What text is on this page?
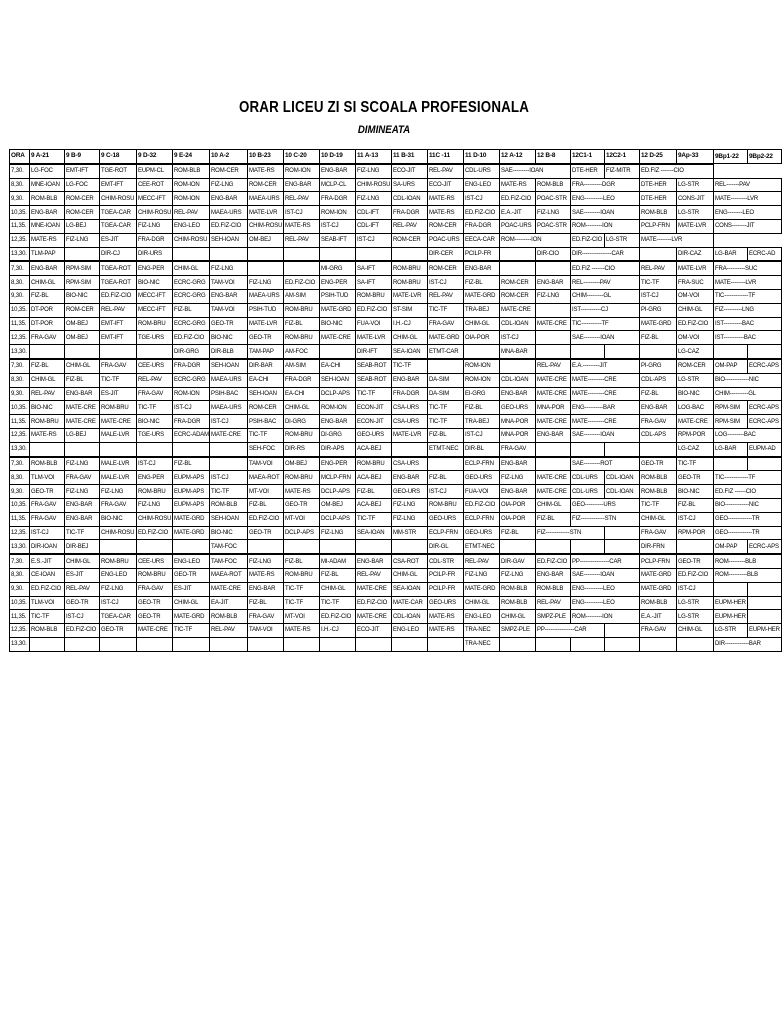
ORAR LICEU ZI SI SCOALA PROFESIONALA
DIMINEATA
ORA	9 A-21	9 B-9	9 C-18	9 D-32	9 E-24	10 A-2	10 B-23	10 C-20	10 D-19	11 A-13	11 B-31	11C -11	11 D-10	12 A-12	12 B-8	12C1-1	12C2-1	12 D-25	9Ap-33	9Bp1-22	9Bp2-22
7,30.	LG-FOC	EMT-IFT	TGE-ROT	EUPM-CL	ROM-BLB	ROM-CER	MATE-RS	ROM-ION	ENG-BAR	FIZ-LNG	ECO-JIT	REL-PAV	CDL-URS	SAE---------IOAN		DTE-HER	FIZ-MITR	ED.FIZ -------CIO			
8,30.	MNE-IOAN	LG-FOC	EMT-IFT	CEE-ROT	ROM-ION	FIZ-LNG	ROM-CER	ENG-BAR	MCLP-CL	CHIM-ROSU	SA-URS	ECO-JIT	ENG-LEO	MATE-RS	ROM-BLB	FRA----------DGR		DTE-HER	LG-STR	REL-------PAV	
9,30.	ROM-BLB	ROM-CER	CHIM-ROSU	MECC-IFT	ROM-ION	ENG-BAR	MAEA-URS	REL-PAV	FRA-DGR	FIZ-LNG	CDL-IOAN	MATE-RS	IST-CJ	ED.FIZ-CIO	POAC-STR	ENG----------LEO		DTE-HER	CONS-JIT	MATE---------LVR	
10,35.	ENG-BAR	ROM-CER	TGEA-CAR	CHIM-ROSU	REL-PAV	MAEA-URS	MATE-LVR	IST-CJ	ROM-ION	CDL-IFT	FRA-DGR	MATE-RS	ED.FIZ-CIO	E.A.-JIT	FIZ-LNG	SAE---------IOAN		ROM-BLB	LG-STR	ENG--------LEO	
11,35.	MNE-IOAN	LG-BEJ	TGEA-CAR	FIZ-LNG	ENG-LEO	ED.FIZ-CIO	CHIM-ROSU	MATE-RS	IST-CJ	CDL-IFT	REL-PAV	ROM-CER	FRA-DGR	POAC-URS	POAC-STR	ROM---------ION		PCLP-FRN	MATE-LVR	CONS--------JIT	
12,35.	MATE-RS	FIZ-LNG	ES-JIT	FRA-DGR	CHIM-ROSU	SEH-IOAN	OM-BEJ	REL-PAV	SEAB-IFT	IST-CJ	ROM-CER	POAC-URS	EECA-CAR	ROM---------ION		ED.FIZ-CIO	LG-STR	MATE--------LVR			
13,30.	TLM-PAP		DIR-CJ	DIR-URS								DIR-CER	PCILP-FR		DIR-CIO	DIR----------------CAR			DIR-CAZ	LG-BAR	ECRC-AD
7,30.	ENG-BAR	RPM-SIM	TGEA-ROT	ENG-PER	CHIM-GL	FIZ-LNG			MI-GRG	SA-IFT	ROM-BRU	ROM-CER	ENG-BAR			ED.FIZ -------CIO		REL-PAV	MATE-LVR	FRA----------SUC	
8,30.	CHIM-GL	RPM-SIM	TGEA-ROT	BIO-NIC	ECRC-GRG	TAM-VOI	FIZ-LNG	ED.FIZ-CIO	ENG-PER	SA-IFT	ROM-BRU	IST-CJ	FIZ-BL	ROM-CER	ENG-BAR	REL---------PAV		TIC-TF	FRA-SUC	MATE--------LVR	
9,30.	FIZ-BL	BIO-NIC	ED.FIZ-CIO	MECC-IFT	ECRC-GRG	ENG-BAR	MAEA-URS	AM-SIM	PSIH-TUD	ROM-BRU	MATE-LVR	REL-PAV	MATE-GRD	ROM-CER	FIZ-LNG	CHIM---------GL		IST-CJ	OM-VOI	TIC-------------TF	
10,35.	DT-POR	ROM-CER	REL-PAV	MECC-IFT	FIZ-BL	TAM-VOI	PSIH-TUD	ROM-BRU	MATE-GRD	ED.FIZ-CIO	ST-SIM	TIC-TF	TRA-BEJ	MATE-CRE		IST-----------CJ		PI-GRG	CHIM-GL	FIZ----------LNG	
11,35.	DT-POR	OM-BEJ	EMT-IFT	ROM-BRU	ECRC-GRG	GEO-TR	MATE-LVR	FIZ-BL	BIO-NIC	FUA-VOI	I.H.-CJ	FRA-GAV	CHIM-GL	CDL-IOAN	MATE-CRE	TIC-----------TF		MATE-GRD	ED.FIZ-CIO	IST----------BAC	
12,35.	FRA-GAV	OM-BEJ	EMT-IFT	TGE-URS	ED.FIZ-CIO	BIO-NIC	GEO-TR	ROM-BRU	MATE-CRE	MATE-LVR	CHIM-GL	MATE-GRD	OIA-POR	IST-CJ		SAE---------IOAN		FIZ-BL	OM-VOI	IST-----------BAC	
13,30.					DIR-GRG	DIR-BLB	TAM-PAP	AM-FOC		DIR-IFT	SEA-IOAN	ETMT-CAR		MNA-BAR					LG-CAZ		
7,30.	FIZ-BL	CHIM-GL	FRA-GAV	CEE-URS	FRA-DGR	SEH-IOAN	DIR-BAR	AM-SIM	EA-CHI	SEAB-ROT	TIC-TF		ROM-ION		REL-PAV	E.A.---------JIT		PI-GRG	ROM-CER	OM-PAP	ECRC-APS
8,30.	CHIM-GL	FIZ-BL	TIC-TF	REL-PAV	ECRC-GRG	MAEA-URS	EA-CHI	FRA-DGR	SEH-IOAN	SEAB-ROT	ENG-BAR	DA-SIM	ROM-ION	CDL-IOAN	MATE-CRE	MATE---------CRE		CDL-APS	LG-STR	BIO-------------NIC	
9,30.	REL-PAV	ENG-BAR	ES-JIT	FRA-GAV	ROM-ION	PSIH-BAC	SEH-IOAN	EA-CHI	DCLP-APS	TIC-TF	FRA-DGR	DA-SIM	EI-GRG	ENG-BAR	MATE-CRE	MATE---------CRE		FIZ-BL	BIO-NIC	CHIM----------GL	
10,35.	BIO-NIC	MATE-CRE	ROM-BRU	TIC-TF	IST-CJ	MAEA-URS	ROM-CER	CHIM-GL	ROM-ION	ECON-JIT	CSA-URS	TIC-TF	FIZ-BL	GEO-URS	MNA-POR	ENG----------BAR		ENG-BAR	LOG-BAC	RPM-SIM	ECRC-APS
11,35.	ROM-BRU	MATE-CRE	MATE-CRE	BIO-NIC	FRA-DGR	IST-CJ	PSIH-BAC	DI-GRG	ENG-BAR	ECON-JIT	CSA-URS	TIC-TF	TRA-BEJ	MNA-POR	MATE-CRE	MATE---------CRE		FRA-GAV	MATE-CRE	RPM-SIM	ECRC-APS
12,35.	MATE-RS	LG-BEJ	MALE-LVR	TGE-URS	ECRC-ADAM	MATE-CRE	TIC-TF	ROM-BRU	DI-GRG	GEO-URS	MATE-LVR	FIZ-BL	IST-CJ	MNA-POR	ENG-BAR	SAE---------IOAN		CDL-APS	RPM-POR	LOG---------BAC	
13,30.							SEH-FOC	DIR-RS	DIR-APS	ACA-BEJ		ETMT-NEC	DIR-BL	FRA-GAV					LG-CAZ	LG-BAR	EUPM-AD
7,30.	ROM-BLB	FIZ-LNG	MALE-LVR	IST-CJ	FIZ-BL		TAM-VOI	OM-BEJ	ENG-PER	ROM-BRU	CSA-URS		ECLP-FRN	ENG-BAR		SAE---------ROT		GEO-TR	TIC-TF		
8,30.	TLM-VOI	FRA-GAV	MALE-LVR	ENG-PER	EUPM-APS	IST-CJ	MAEA-ROT	ROM-BRU	MCLP-FRN	ACA-BEJ	ENG-BAR	FIZ-BL	GEO-URS	FIZ-LNG	MATE-CRE	CDL-URS	CDL-IOAN	ROM-BLB	GEO-TR	TIC-------------TF	
9,30.	GEO-TR	FIZ-LNG	FIZ-LNG	ROM-BRU	EUPM-APS	TIC-TF	MT-VOI	MATE-RS	DCLP-APS	FIZ-BL	GEO-URS	IST-CJ	FUA-VOI	ENG-BAR	MATE-CRE	CDL-URS	CDL-IOAN	ROM-BLB	BIO-NIC	ED.FIZ ------CIO	
10,35.	FRA-GAV	ENG-BAR	FRA-GAV	FIZ-LNG	EUPM-APS	ROM-BLB	FIZ-BL	GEO-TR	OM-BEJ	ACA-BEJ	FIZ-LNG	ROM-BRU	ED.FIZ-CIO	OIA-POR	CHIM-GL	GEO----------URS		TIC-TF	FIZ-BL	BIO-------------NIC	
11,35.	FRA-GAV	ENG-BAR	BIO-NIC	CHIM-ROSU	MATE-GRD	SEH-IOAN	ED.FIZ-CIO	MT-VOI	DCLP-APS	TIC-TF	FIZ-LNG	GEO-URS	ECLP-FRN	OIA-POR	FIZ-BL	FIZ-------------STN		CHIM-GL	IST-CJ	GEO-------------TR	
12,35.	IST-CJ	TIC-TF	CHIM-ROSU	ED.FIZ-CIO	MATE-GRD	BIO-NIC	GEO-TR	DCLP-APS	FIZ-LNG	SEA-IOAN	MM-STR	ECLP-FRN	GEO-URS	FIZ-BL	FIZ-------------STN			FRA-GAV	RPM-POR	GEO-------------TR	
13,30.	DIR-IOAN	DIR-BEJ				TAM-FOC						DIR-GL	ETMT-NEC					DIR-FRN		OM-PAP	ECRC-APS
7,30.	E.S.-JIT	CHIM-GL	ROM-BRU	CEE-URS	ENG-LEO	TAM-FOC	FIZ-LNG	FIZ-BL	MI-ADAM	ENG-BAR	CSA-ROT	CDL-STR	REL-PAV	DIR-GAV	ED.FIZ-CIO	PP----------------CAR		PCLP-FRN	GEO-TR	ROM---------BLB	
8,30.	CE-IOAN	ES-JIT	ENG-LEO	ROM-BRU	GEO-TR	MAEA-ROT	MATE-RS	ROM-BRU	FIZ-BL	REL-PAV	CHIM-GL	PCILP-FR	FIZ-LNG	FIZ-LNG	ENG-BAR	SAE---------IOAN		MATE-GRD	ED.FIZ-CIO	ROM----------BLB	
9,30.	ED.FIZ-CIO	REL-PAV	FIZ-LNG	FRA-GAV	ES-JIT	MATE-CRE	ENG-BAR	TIC-TF	CHIM-GL	MATE-CRE	SEA-IOAN	PCILP-FR	MATE-GRD	ROM-BLB	ROM-BLB	ENG----------LEO		MATE-GRD	IST-CJ		
10,35.	TLM-VOI	GEO-TR	IST-CJ	GEO-TR	CHIM-GL	EA-JIT	FIZ-BL	TIC-TF	TIC-TF	ED.FIZ-CIO	MATE-CAR	GEO-URS	CHIM-GL	ROM-BLB	REL-PAV	ENG----------LEO		ROM-BLB	LG-STR	EUPM-HER	
11,35.	TIC-TF	IST-CJ	TGEA-CAR	GEO-TR	MATE-GRD	ROM-BLB	FRA-GAV	MT-VOI	ED.FIZ-CIO	MATE-CRE	CDL-IOAN	MATE-RS	ENG-LEO	CHIM-GL	SMPZ-PLE	ROM---------ION		E.A.-JIT	LG-STR	EUPM-HER	
12,35.	ROM-BLB	ED.FIZ-CIO	GEO-TR	MATE-CRE	TIC-TF	REL-PAV	TAM-VOI	MATE-RS	I.H.-CJ	ECO-JIT	ENG-LEO	MATE-RS	TRA-NEC	SMPZ-PLE	PP----------------CAR			FRA-GAV	CHIM-GL	LG-STR	EUPM-HER
13,30.													TRA-NEC							DIR-------------BAR	
